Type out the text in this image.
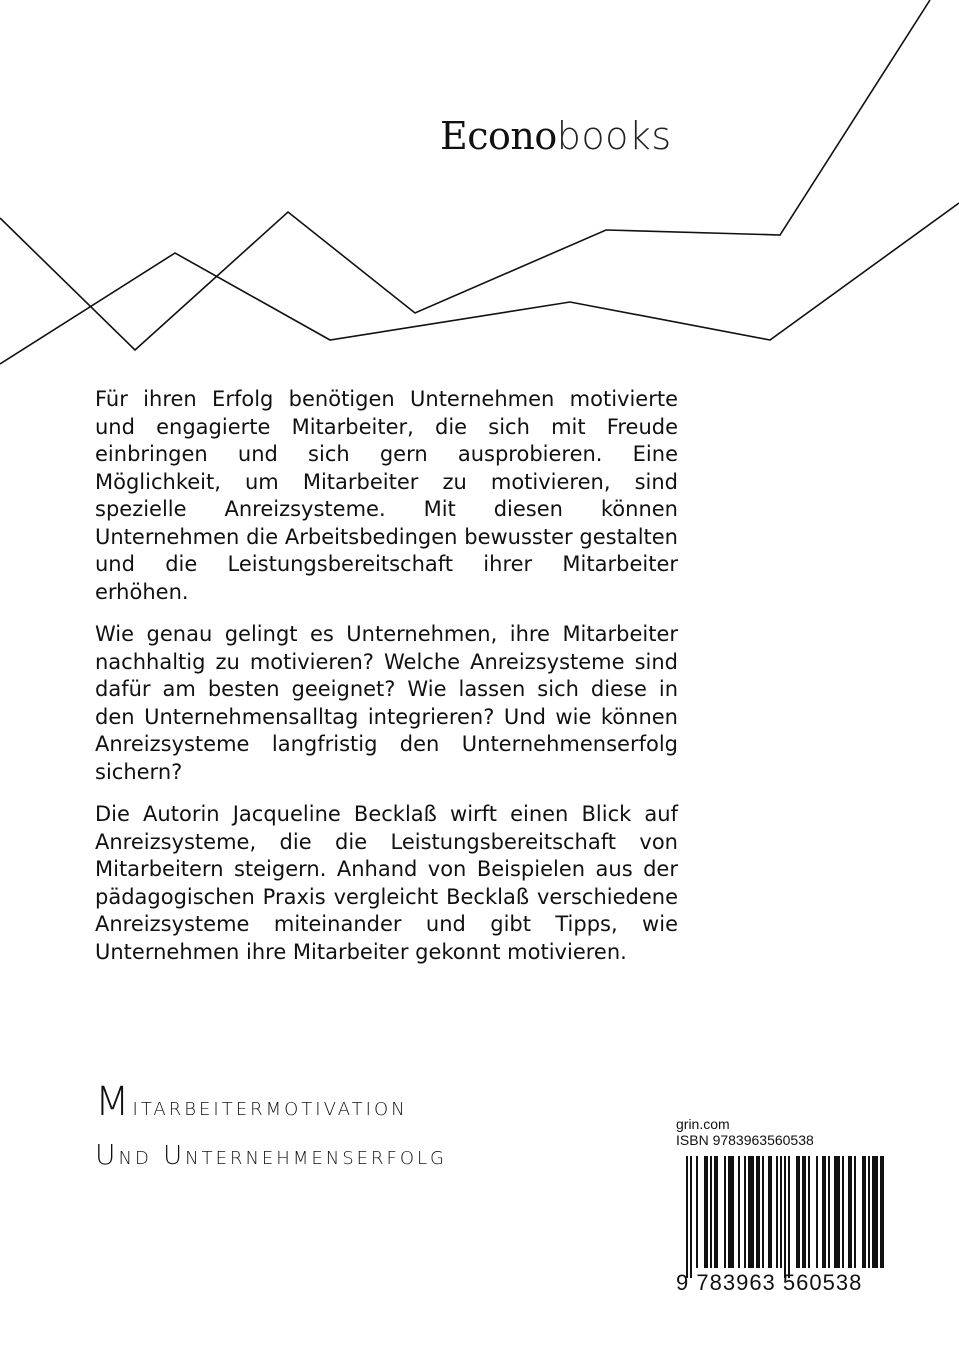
Econobooks

Für ihren Erfolg benötigen Unternehmen motivierte und engagierte Mitarbeiter, die sich mit Freude einbringen und sich gern ausprobieren. Eine Möglichkeit, um Mitarbeiter zu motivieren, sind spezielle Anreizsysteme. Mit diesen können Unternehmen die Arbeitsbedingen bewusster gestalten und die Leistungsbereitschaft ihrer Mitarbeiter erhöhen.

Wie genau gelingt es Unternehmen, ihre Mitarbeiter nachhaltig zu motivieren? Welche Anreizsysteme sind dafür am besten geeignet? Wie lassen sich diese in den Unternehmensalltag integrieren? Und wie können Anreizsysteme langfristig den Unternehmenserfolg sichern?

Die Autorin Jacqueline Becklaß wirft einen Blick auf Anreizsysteme, die die Leistungsbereitschaft von Mitarbeitern steigern. Anhand von Beispielen aus der pädagogischen Praxis vergleicht Becklaß verschiedene Anreizsysteme miteinander und gibt Tipps, wie Unternehmen ihre Mitarbeiter gekonnt motivieren.

Mitarbeitermotivation
und Unternehmenserfolg
grin.com
ISBN 9783963560538
9 783963 560538
